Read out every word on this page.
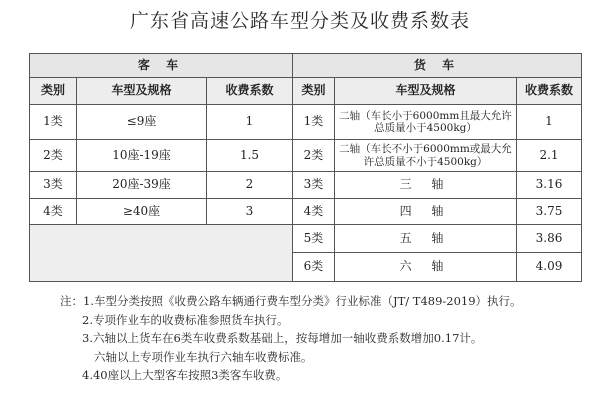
广东省高速公路车型分类及收费系数表
客 车			货 车		
类别	车型及规格	收费系数	类别	车型及规格	收费系数
1类	≤9座	1	1类	二轴（车长小于6000mm且最大允许总质量小于4500kg）	1
2类	10座-19座	1.5	2类	二轴（车长不小于6000mm或最大允许总质量不小于4500kg）	2.1
3类	20座-39座	2	3类	三 轴	3.16
4类	≥40座	3	4类	四 轴	3.75
			5类	五 轴	3.86
			6类	六 轴	4.09
注：1.车型分类按照《收费公路车辆通行费车型分类》行业标准（JT/ T489-2019）执行。
2.专项作业车的收费标准参照货车执行。
3.六轴以上货车在6类车收费系数基础上，按每增加一轴收费系数增加0.17计。
六轴以上专项作业车执行六轴车收费标准。
4.40座以上大型客车按照3类客车收费。
